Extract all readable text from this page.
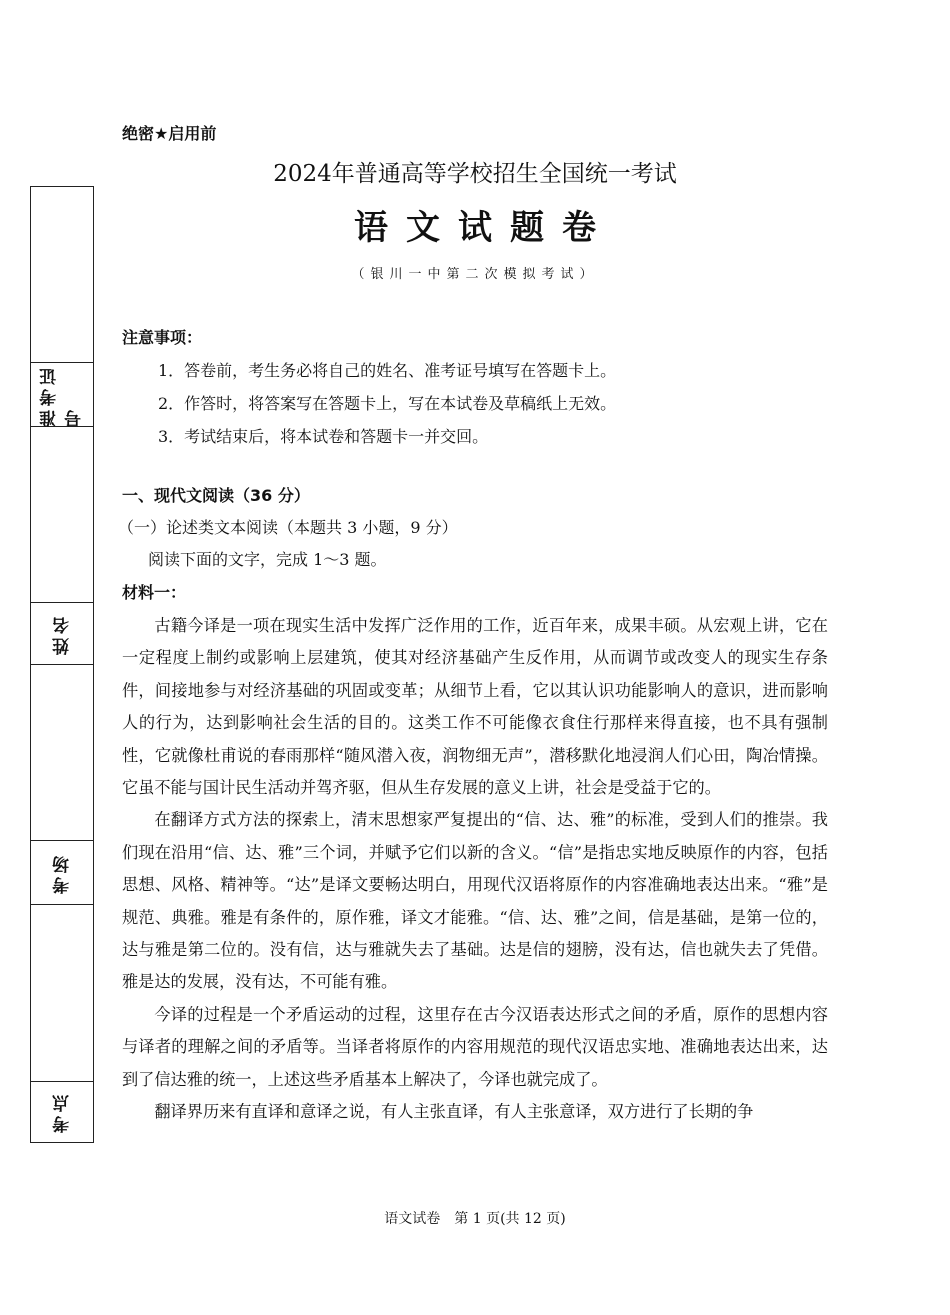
准考证号
姓名
考场
考点
绝密★启用前
2024年普通高等学校招生全国统一考试
语文试题卷
（银川一中第二次模拟考试）
注意事项：
1．答卷前，考生务必将自己的姓名、准考证号填写在答题卡上。
2．作答时，将答案写在答题卡上，写在本试卷及草稿纸上无效。
3．考试结束后，将本试卷和答题卡一并交回。
一、现代文阅读（36 分）
（一）论述类文本阅读（本题共 3 小题，9 分）
阅读下面的文字，完成 1～3 题。
材料一：

古籍今译是一项在现实生活中发挥广泛作用的工作，近百年来，成果丰硕。从宏观上讲，它在一定程度上制约或影响上层建筑，使其对经济基础产生反作用，从而调节或改变人的现实生存条件，间接地参与对经济基础的巩固或变革；从细节上看，它以其认识功能影响人的意识，进而影响人的行为，达到影响社会生活的目的。这类工作不可能像衣食住行那样来得直接，也不具有强制性，它就像杜甫说的春雨那样“随风潜入夜，润物细无声”，潜移默化地浸润人们心田，陶冶情操。它虽不能与国计民生活动并驾齐驱，但从生存发展的意义上讲，社会是受益于它的。

在翻译方式方法的探索上，清末思想家严复提出的“信、达、雅”的标准，受到人们的推崇。我们现在沿用“信、达、雅”三个词，并赋予它们以新的含义。“信”是指忠实地反映原作的内容，包括思想、风格、精神等。“达”是译文要畅达明白，用现代汉语将原作的内容准确地表达出来。“雅”是规范、典雅。雅是有条件的，原作雅，译文才能雅。“信、达、雅”之间，信是基础，是第一位的，达与雅是第二位的。没有信，达与雅就失去了基础。达是信的翅膀，没有达，信也就失去了凭借。雅是达的发展，没有达，不可能有雅。

今译的过程是一个矛盾运动的过程，这里存在古今汉语表达形式之间的矛盾，原作的思想内容与译者的理解之间的矛盾等。当译者将原作的内容用规范的现代汉语忠实地、准确地表达出来，达到了信达雅的统一，上述这些矛盾基本上解决了，今译也就完成了。

翻译界历来有直译和意译之说，有人主张直译，有人主张意译，双方进行了长期的争

语文试卷　第 1 页(共 12 页)
